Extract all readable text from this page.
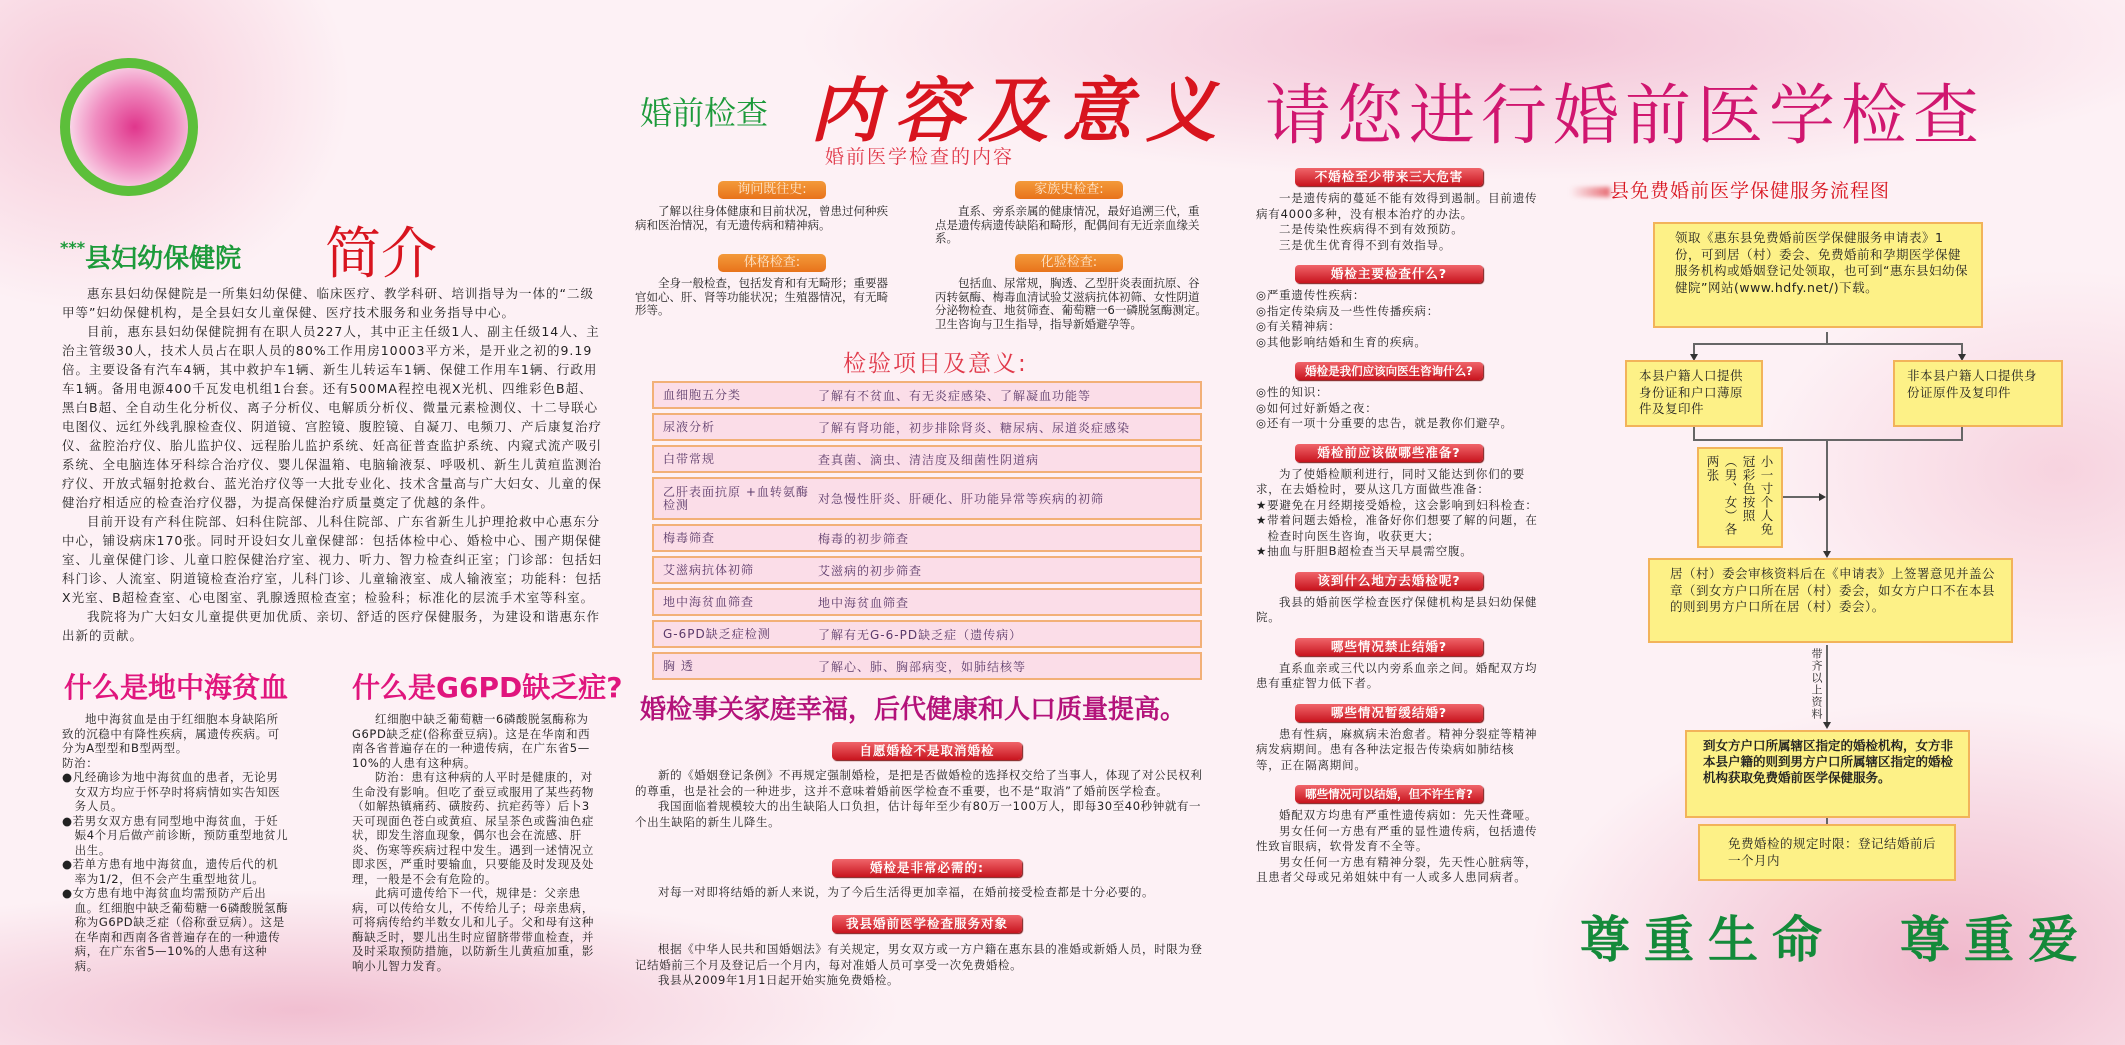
***县妇幼保健院 简介

惠东县妇幼保健院是一所集妇幼保健、临床医疗、教学科研、培训指导为一体的“二级甲等”妇幼保健机构，是全县妇女儿童保健、医疗技术服务和业务指导中心。

目前，惠东县妇幼保健院拥有在职人员227人，其中正主任级1人、副主任级14人、主治主管级30人，技术人员占在职人员的80%工作用房10003平方米，是开业之初的9.19倍。主要设备有汽车4辆，其中救护车1辆、新生儿转运车1辆、保健工作用车1辆、行政用车1辆。备用电源400千瓦发电机组1台套。还有500MA程控电视X光机、四维彩色B超、黑白B超、全自动生化分析仪、离子分析仪、电解质分析仪、微量元素检测仪、十二导联心电图仪、远红外线乳腺检查仪、阴道镜、宫腔镜、腹腔镜、自凝刀、电频刀、产后康复治疗仪、盆腔治疗仪、胎儿监护仪、远程胎儿监护系统、妊高征普查监护系统、内窥式流产吸引系统、全电脑连体牙科综合治疗仪、婴儿保温箱、电脑输液泵、呼吸机、新生儿黄疸监测治疗仪、开放式辐射抢救台、蓝光治疗仪等一大批专业化、技术含量高与广大妇女、儿童的保健治疗相适应的检查治疗仪器，为提高保健治疗质量奠定了优越的条件。

目前开设有产科住院部、妇科住院部、儿科住院部、广东省新生儿护理抢救中心惠东分中心，铺设病床170张。同时开设妇女儿童保健部：包括体检中心、婚检中心、围产期保健室、儿童保健门诊、儿童口腔保健治疗室、视力、听力、智力检查纠正室；门诊部：包括妇科门诊、人流室、阴道镜检查治疗室，儿科门诊、儿童输液室、成人输液室；功能科：包括X光室、B超检查室、心电图室、乳腺透照检查室；检验科；标准化的层流手术室等科室。

我院将为广大妇女儿童提供更加优质、亲切、舒适的医疗保健服务，为建设和谐惠东作出新的贡献。

什么是地中海贫血 什么是G6PD缺乏症?

地中海贫血是由于红细胞本身缺陷所致的沉稳中有降性疾病，属遗传疾病。可分为A型型和B型两型。

防治：

● 凡经确诊为地中海贫血的患者，无论男女双方均应于怀孕时将病情如实告知医务人员。
● 若男女双方患有同型地中海贫血，于妊娠4个月后做产前诊断，预防重型地贫儿出生。
● 若单方患有地中海贫血，遗传后代的机率为1/2，但不会产生重型地贫儿。
● 女方患有地中海贫血均需预防产后出血。红细胞中缺乏葡萄糖一6磷酸脱氢酶称为G6PD缺乏症（俗称蚕豆病）。这是在华南和西南各省普遍存在的一种遗传病，在广东省5—10%的人患有这种病。

红细胞中缺乏葡萄糖一6磷酸脱氢酶称为G6PD缺乏症(俗称蚕豆病)。这是在华南和西南各省普遍存在的一种遗传病，在广东省5—10%的人患有这种病。

防治：患有这种病的人平时是健康的，对生命没有影响。但吃了蚕豆或服用了某些药物（如解热镇痛药、磺胺药、抗疟药等）后卜3天可现面色苍白或黄疸、尿呈茶色或酱油色症状，即发生溶血现象，偶尔也会在流感、肝炎、伤寒等疾病过程中发生。遇到一述情况立即求医，严重时要输血，只要能及时发现及处理，一般是不会有危险的。

此病可遗传给下一代，规律是：父亲患病，可以传给女儿，不传给儿子；母亲患病，可将病传给约半数女儿和儿子。父和母有这种酶缺乏时，婴儿出生时应留脐带带血检查，并及时采取预防措施，以防新生儿黄疸加重，影响小儿智力发育。

婚前检查 内容及意义 请您进行婚前医学检查
婚前医学检查的内容
询问既往史:	家族史检查:

了解以往身体健康和目前状况，曾患过何种疾病和医治情况，有无遗传病和精神病。

直系、旁系亲属的健康情况，最好追溯三代，重点是遗传病遗传缺陷和畸形，配偶间有无近亲血缘关系。

体格检查:	化验检查:

全身一般检查，包括发育和有无畸形；重要器官如心、肝、肾等功能状况；生殖器情况，有无畸形等。

包括血、尿常规，胸透、乙型肝炎表面抗原、谷丙转氨酶、梅毒血清试验艾滋病抗体初筛、女性阴道分泌物检查、地贫筛查、葡萄糖一6一磷脱氢酶测定。卫生咨询与卫生指导，指导新婚避孕等。

检验项目及意义:
血细胞五分类	了解有不贫血、有无炎症感染、了解凝血功能等
尿液分析	了解有肾功能，初步排除肾炎、糖尿病、尿道炎症感染
白带常规	查真菌、滴虫、清洁度及细菌性阴道病
乙肝表面抗原 +血转氨酶检测	对急慢性肝炎、肝硬化、肝功能异常等疾病的初筛
梅毒筛查	梅毒的初步筛查
艾滋病抗体初筛	艾滋病的初步筛查
地中海贫血筛查	地中海贫血筛查
G-6PD缺乏症检测	了解有无G-6-PD缺乏症（遗传病）
胸 透	了解心、肺、胸部病变，如肺结核等
婚检事关家庭幸福，后代健康和人口质量提高。
自愿婚检不是取消婚检

新的《婚姻登记条例》不再规定强制婚检，是把是否做婚检的选择权交给了当事人，体现了对公民权利的尊重，也是社会的一种进步，这并不意味着婚前医学检查不重要，也不是“取消”了婚前医学检查。

我国面临着规模较大的出生缺陷人口负担，估计每年至少有80万一100万人，即每30至40秒钟就有一个出生缺陷的新生儿降生。

婚检是非常必需的:

对每一对即将结婚的新人来说，为了今后生活得更加幸福，在婚前接受检查都是十分必要的。

我县婚前医学检查服务对象

根据《中华人民共和国婚姻法》有关规定，男女双方或一方户籍在惠东县的准婚或新婚人员，时限为登记结婚前三个月及登记后一个月内，每对准婚人员可享受一次免费婚检。

我县从2009年1月1日起开始实施免费婚检。

不婚检至少带来三大危害

一是遗传病的蔓延不能有效得到遏制。目前遗传病有4000多种，没有根本治疗的办法。

二是传染性疾病得不到有效预防。

三是优生优育得不到有效指导。

婚检主要检查什么?

◎严重遗传性疾病：

◎指定传染病及一些性传播疾病：

◎有关精神病：

◎其他影响结婚和生育的疾病。

婚检是我们应该向医生咨询什么?

◎性的知识：

◎如何过好新婚之夜：

◎还有一项十分重要的忠告，就是教你们避孕。

婚检前应该做哪些准备?

为了使婚检顺利进行，同时又能达到你们的要求，在去婚检时，要从这几方面做些准备：

★要避免在月经期接受婚检，这会影响到妇科检查：

★带着问题去婚检，准备好你们想要了解的问题，在检查时向医生咨询，收获更大；

★抽血与肝胆B超检查当天早晨需空腹。

该到什么地方去婚检呢?

我县的婚前医学检查医疗保健机构是县妇幼保健院。

哪些情况禁止结婚?

直系血亲或三代以内旁系血亲之间。婚配双方均患有重症智力低下者。

哪些情况暂缓结婚?

患有性病，麻疯病未治愈者。精神分裂症等精神病发病期间。患有各种法定报告传染病如肺结核等，正在隔离期间。

哪些情况可以结婚，但不许生育?

婚配双方均患有严重性遗传病如：先天性聋哑。

男女任何一方患有严重的显性遗传病，包括遗传性致盲眼病，软骨发育不全等。

男女任何一方患有精神分裂，先天性心脏病等，且患者父母或兄弟姐妹中有一人或多人患同病者。

县免费婚前医学保健服务流程图
领取《惠东县免费婚前医学保健服务申请表》1份，可到居（村）委会、免费婚前和孕期医学保健服务机构或婚姻登记处领取，也可到“惠东县妇幼保健院”网站(www.hdfy.net/)下载。
本县户籍人口提供身份证和户口薄原件及复印件
非本县户籍人口提供身份证原件及复印件
小一寸个人免冠彩色按照（男、女）各两张
居（村）委会审核资料后在《申请表》上签署意见并盖公章（到女方户口所在居（村）委会，如女方户口不在本县的则到男方户口所在居（村）委会）。
带齐以上资料
到女方户口所属辖区指定的婚检机构，女方非本县户籍的则到男方户口所属辖区指定的婚检机构获取免费婚前医学保健服务。
免费婚检的规定时限：登记结婚前后一个月内
尊重生命 尊重爱
